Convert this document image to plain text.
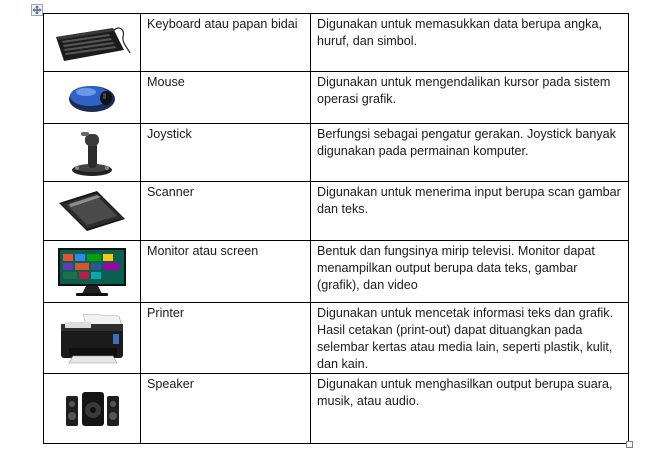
	Keyboard atau papan bidai	Digunakan untuk memasukkan data berupa angka, huruf, dan simbol.

	Mouse	Digunakan untuk mengendalikan kursor pada sistem operasi grafik.

	Joystick	Berfungsi sebagai pengatur gerakan. Joystick banyak digunakan pada permainan komputer.

	Scanner	Digunakan untuk menerima input berupa scan gambar dan teks.

	Monitor atau screen	Bentuk dan fungsinya mirip televisi. Monitor dapat menampilkan output berupa data teks, gambar (grafik), dan video

	Printer	Digunakan untuk mencetak informasi teks dan grafik. Hasil cetakan (print-out) dapat dituangkan pada selembar kertas atau media lain, seperti plastik, kulit, dan kain.

	Speaker	Digunakan untuk menghasilkan output berupa suara, musik, atau audio.
